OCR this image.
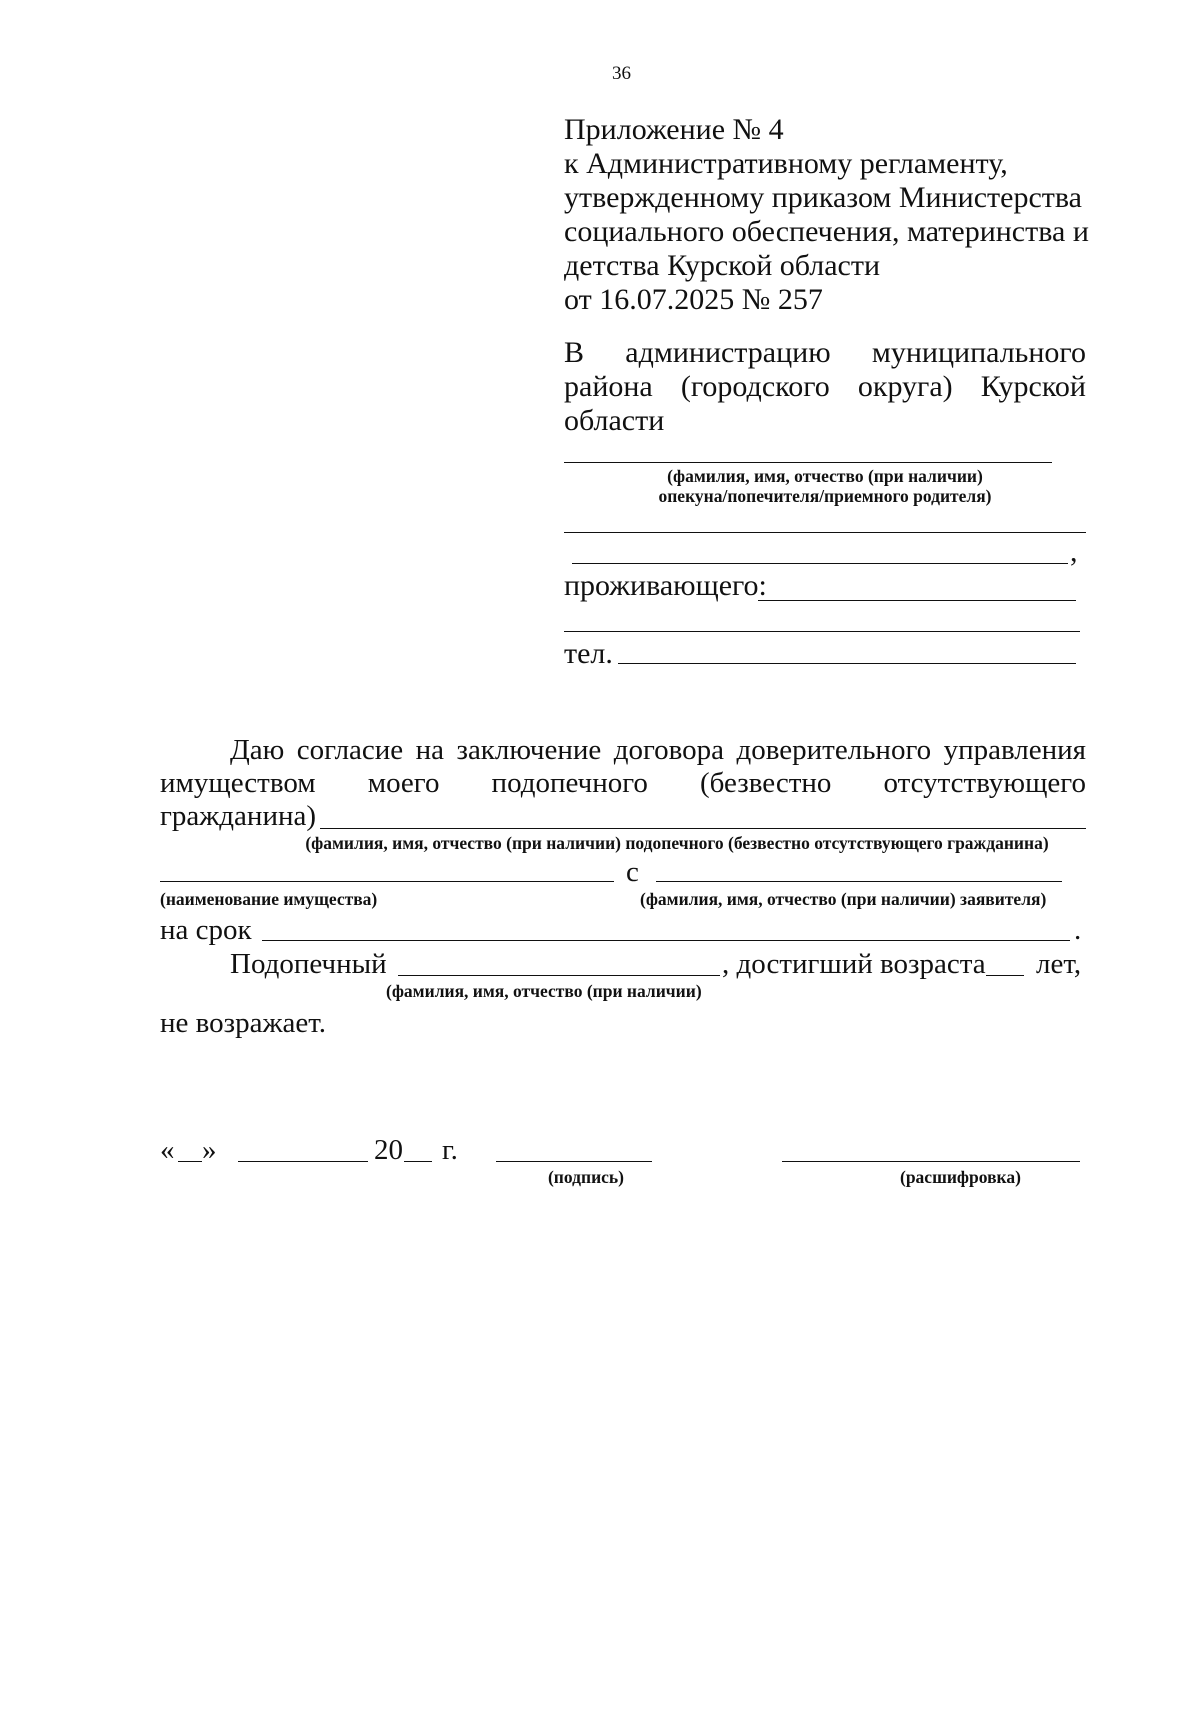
36
Приложение № 4
к Административному регламенту,
утвержденному приказом Министерства
социального обеспечения, материнства и
детства Курской области
от 16.07.2025 № 257
В администрацию муниципального
района (городского округа) Курской
области
(фамилия, имя, отчество (при наличии)
опекуна/попечителя/приемного родителя)
,
проживающего:
тел.
Даю согласие на заключение договора доверительного управления
имуществом моего подопечного (безвестно отсутствующего
гражданина)
(фамилия, имя, отчество (при наличии) подопечного (безвестно отсутствующего гражданина)
с
(наименование имущества)	(фамилия, имя, отчество (при наличии) заявителя)
на срок	.
Подопечный	, достигший возраста лет,
(фамилия, имя, отчество (при наличии)
не возражает.
« »	20 г.
(подпись)	(расшифровка)
